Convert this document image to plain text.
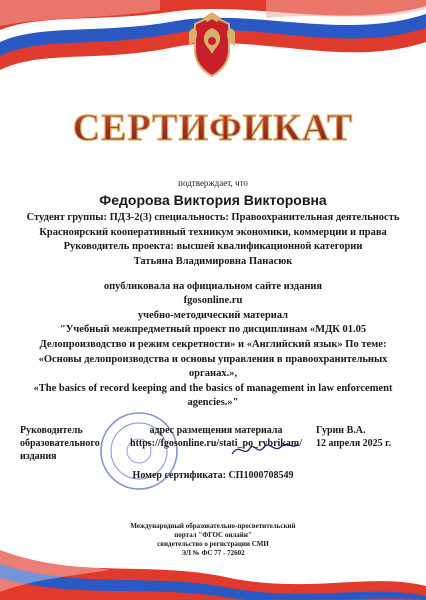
СЕРТИФИКАТ
подтверждает, что
Федорова Виктория Викторовна
Студент группы: ПДЗ-2(3) специальность: Правоохранительная деятельность
Красноярский кооперативный техникум экономики, коммерции и права
Руководитель проекта: высшей квалификационной категории
Татьяна Владимировна Панасюк
опубликовала на официальном сайте издания
fgosonline.ru
учебно-методический материал
"Учебный межпредметный проект по дисциплинам «МДК 01.05 Делопроизводство и режим секретности» и «Английский язык» По теме: «Основы делопроизводства и основы управления в правоохранительных органах.»,
«The basics of record keeping and the basics of management in law enforcement agencies.»"
Руководитель образовательного издания
адрес размещения материала
https://fgosonline.ru/stati_po_rybrikam/
Гурин В.А.
12 апреля 2025 г.
Номер сертификата: СП1000708549
Международный образовательно-просветительский
портал "ФГОС онлайн"
свидетельство о регистрации СМИ
ЭЛ № ФС 77 - 72602
